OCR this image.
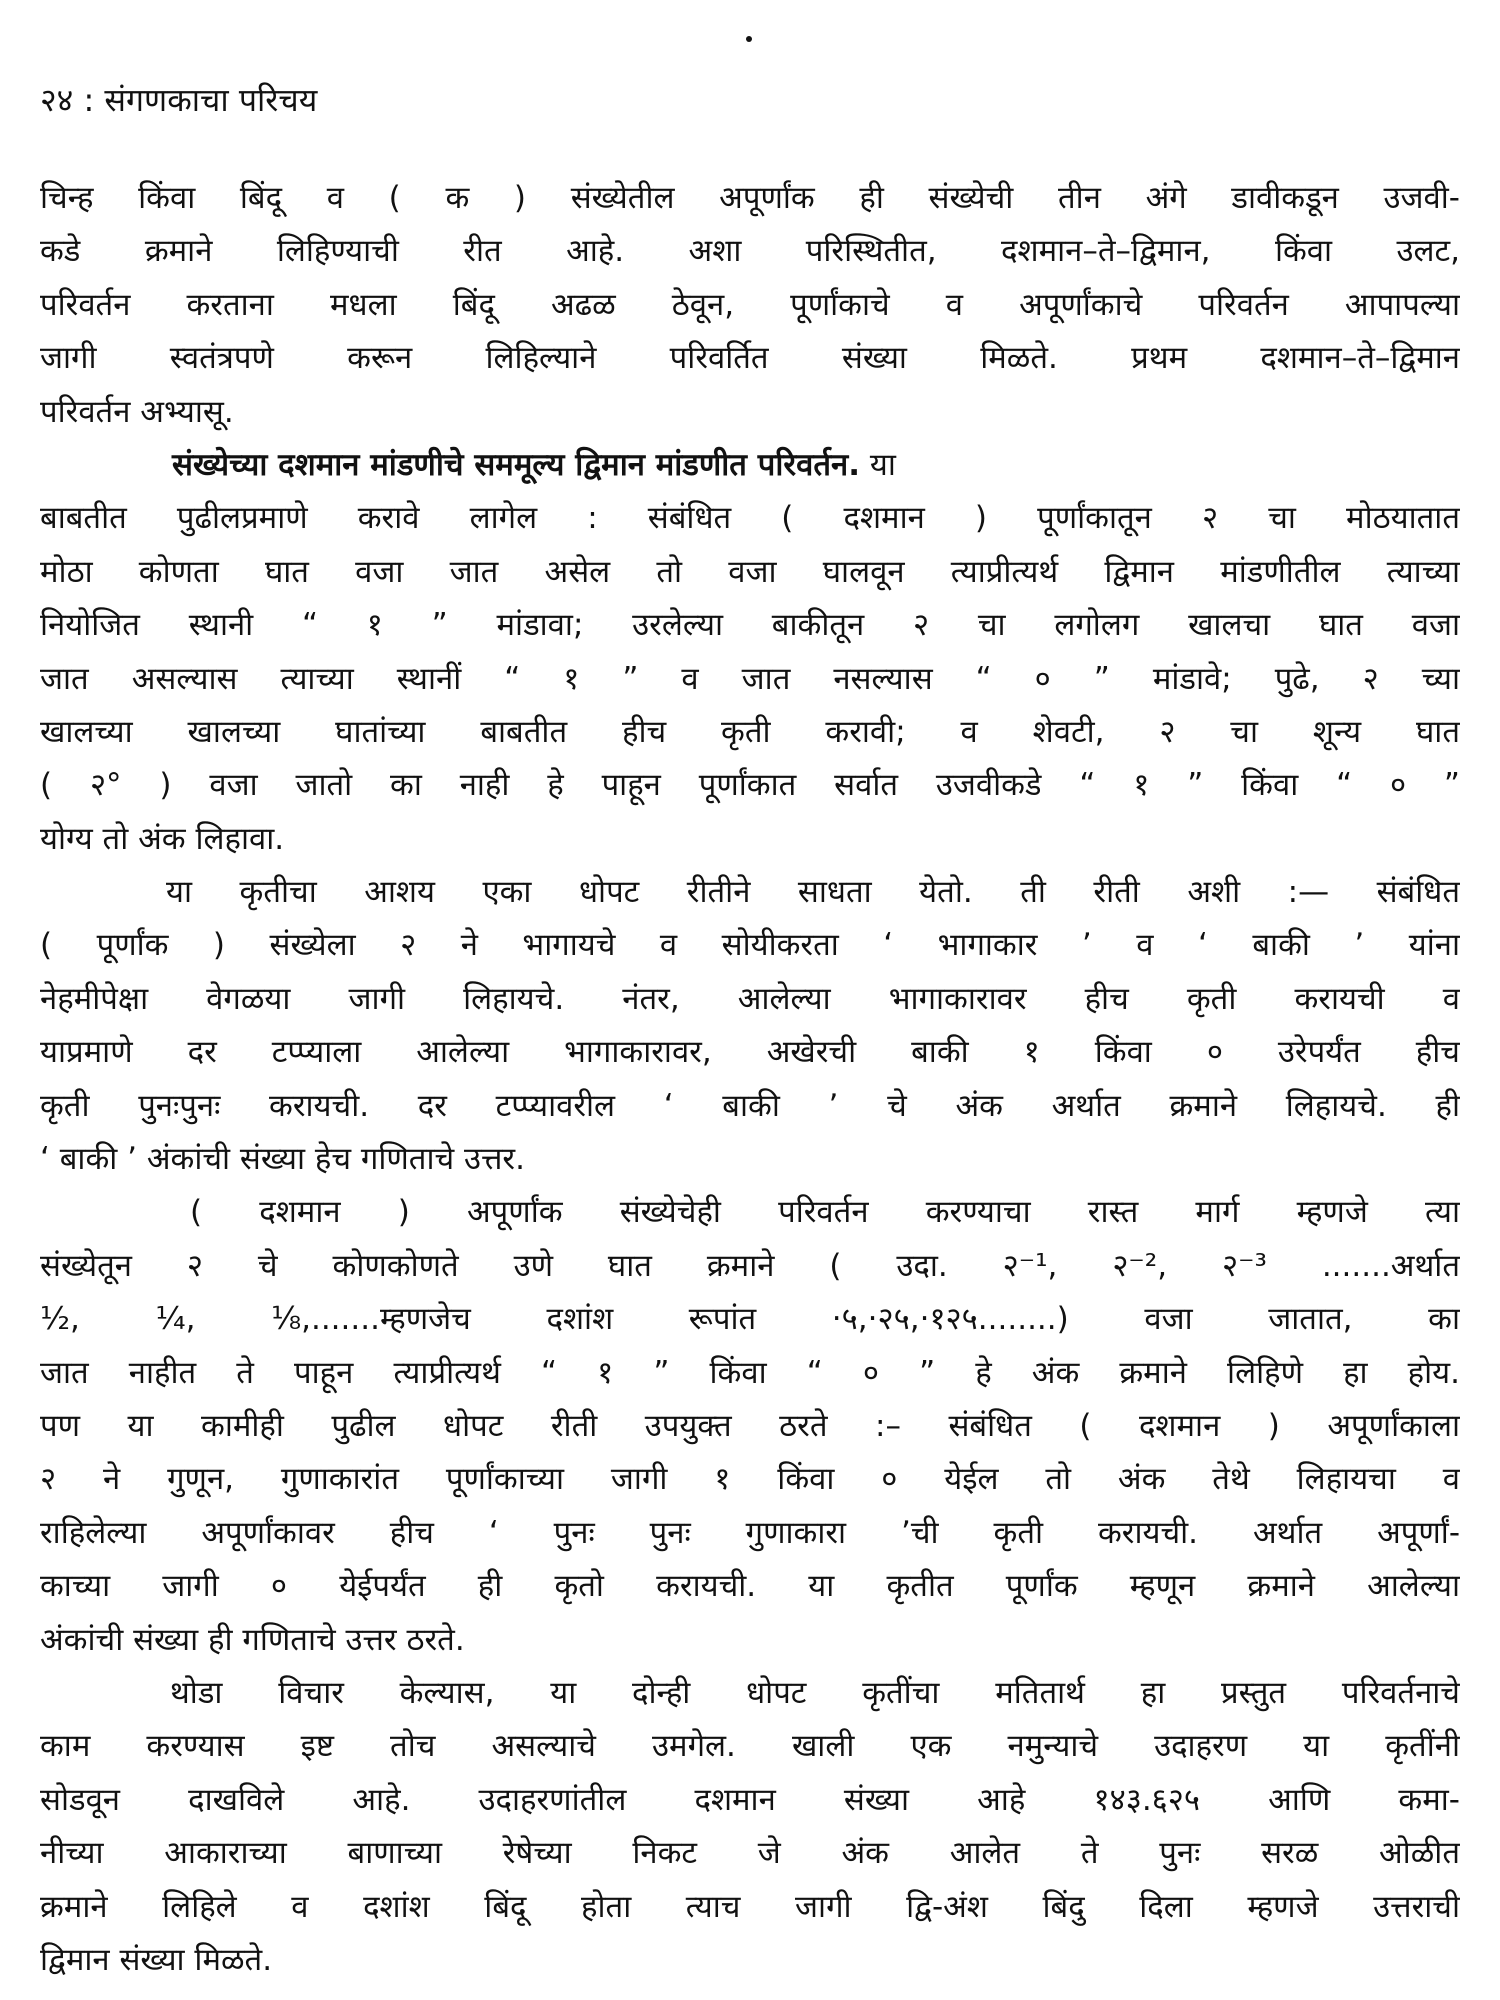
२४ : संगणकाचा परिचय
चिन्ह किंवा बिंदू व ( क ) संख्येतील अपूर्णांक ही संख्येची तीन अंगे डावीकडून उजवी-
कडे क्रमाने लिहिण्याची रीत आहे. अशा परिस्थितीत, दशमान–ते–द्विमान, किंवा उलट,
परिवर्तन करताना मधला बिंदू अढळ ठेवून, पूर्णांकाचे व अपूर्णांकाचे परिवर्तन आपापल्या
जागी स्वतंत्रपणे करून लिहिल्याने परिवर्तित संख्या मिळते. प्रथम दशमान–ते–द्विमान
परिवर्तन अभ्यासू.
संख्येच्या दशमान मांडणीचे सममूल्य द्विमान मांडणीत परिवर्तन. या
बाबतीत पुढीलप्रमाणे करावे लागेल : संबंधित ( दशमान ) पूर्णांकातून २ चा मोठयातात
मोठा कोणता घात वजा जात असेल तो वजा घालवून त्याप्रीत्यर्थ द्विमान मांडणीतील त्याच्या
नियोजित स्थानी “ १ ” मांडावा; उरलेल्या बाकीतून २ चा लगोलग खालचा घात वजा
जात असल्यास त्याच्या स्थानीं “ १ ” व जात नसल्यास “ ० ” मांडावे; पुढे, २ च्या
खालच्या खालच्या घातांच्या बाबतीत हीच कृती करावी; व शेवटी, २ चा शून्य घात
( २° ) वजा जातो का नाही हे पाहून पूर्णांकात सर्वात उजवीकडे “ १ ” किंवा “ ० ”
योग्य तो अंक लिहावा.
या कृतीचा आशय एका धोपट रीतीने साधता येतो. ती रीती अशी :— संबंधित
( पूर्णांक ) संख्येला २ ने भागायचे व सोयीकरता ‘ भागाकार ’ व ‘ बाकी ’ यांना
नेहमीपेक्षा वेगळया जागी लिहायचे. नंतर, आलेल्या भागाकारावर हीच कृती करायची व
याप्रमाणे दर टप्प्याला आलेल्या भागाकारावर, अखेरची बाकी १ किंवा ० उरेपर्यंत हीच
कृती पुनःपुनः करायची. दर टप्प्यावरील ‘ बाकी ’ चे अंक अर्थात क्रमाने लिहायचे. ही
‘ बाकी ’ अंकांची संख्या हेच गणिताचे उत्तर.
( दशमान ) अपूर्णांक संख्येचेही परिवर्तन करण्याचा रास्त मार्ग म्हणजे त्या
संख्येतून २ चे कोणकोणते उणे घात क्रमाने ( उदा. २⁻¹, २⁻², २⁻³ .......अर्थात
½, ¼, ⅛,.......म्हणजेच दशांश रूपांत ·५,·२५,·१२५........) वजा जातात, का
जात नाहीत ते पाहून त्याप्रीत्यर्थ “ १ ” किंवा “ ० ” हे अंक क्रमाने लिहिणे हा होय.
पण या कामीही पुढील धोपट रीती उपयुक्त ठरते :– संबंधित ( दशमान ) अपूर्णांकाला
२ ने गुणून, गुणाकारांत पूर्णांकाच्या जागी १ किंवा ० येईल तो अंक तेथे लिहायचा व
राहिलेल्या अपूर्णांकावर हीच ‘ पुनः पुनः गुणाकारा ’ची कृती करायची. अर्थात अपूर्णां-
काच्या जागी ० येईपर्यंत ही कृतो करायची. या कृतीत पूर्णांक म्हणून क्रमाने आलेल्या
अंकांची संख्या ही गणिताचे उत्तर ठरते.
थोडा विचार केल्यास, या दोन्ही धोपट कृतींचा मतितार्थ हा प्रस्तुत परिवर्तनाचे
काम करण्यास इष्ट तोच असल्याचे उमगेल. खाली एक नमुन्याचे उदाहरण या कृतींनी
सोडवून दाखविले आहे. उदाहरणांतील दशमान संख्या आहे १४३.६२५ आणि कमा-
नीच्या आकाराच्या बाणाच्या रेषेच्या निकट जे अंक आलेत ते पुनः सरळ ओळीत
क्रमाने लिहिले व दशांश बिंदू होता त्याच जागी द्वि-अंश बिंदु दिला म्हणजे उत्तराची
द्विमान संख्या मिळते.
